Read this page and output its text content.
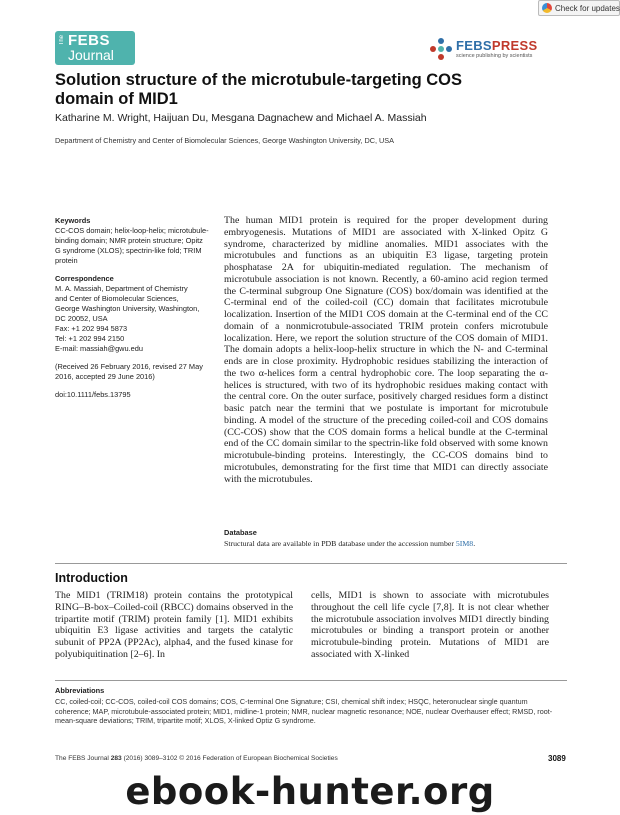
Check for updates
The FEBS
Journal
FEBSPRESS
science publishing by scientists
Solution structure of the microtubule-targeting COS domain of MID1
Katharine M. Wright, Haijuan Du, Mesgana Dagnachew and Michael A. Massiah
Department of Chemistry and Center of Biomolecular Sciences, George Washington University, DC, USA

Keywords

CC-COS domain; helix-loop-helix; microtubule-binding domain; NMR protein structure; Opitz G syndrome (XLOS); spectrin-like fold; TRIM protein

Correspondence

M. A. Massiah, Department of Chemistry

and Center of Biomolecular Sciences,

George Washington University, Washington,

DC 20052, USA

Fax: +1 202 994 5873

Tel: +1 202 994 2150

E-mail: massiah@gwu.edu

(Received 26 February 2016, revised 27 May 2016, accepted 29 June 2016)

doi:10.1111/febs.13795

The human MID1 protein is required for the proper development during embryogenesis. Mutations of MID1 are associated with X-linked Opitz G syndrome, characterized by midline anomalies. MID1 associates with the microtubules and functions as an ubiquitin E3 ligase, targeting protein phosphatase 2A for ubiquitin-mediated regulation. The mechanism of microtubule association is not known. Recently, a 60-amino acid region termed the C-terminal subgroup One Signature (COS) box/domain was identified at the C-terminal end of the coiled-coil (CC) domain that facilitates microtubule localization. Insertion of the MID1 COS domain at the C-terminal end of the CC domain of a nonmicrotubule-associated TRIM protein confers microtubule localization. Here, we report the solution structure of the COS domain of MID1. The domain adopts a helix-loop-helix structure in which the N- and C-terminal ends are in close proximity. Hydrophobic residues stabilizing the interaction of the two α-helices form a central hydrophobic core. The loop separating the α-helices is structured, with two of its hydrophobic residues making contact with the central core. On the outer surface, positively charged residues form a distinct basic patch near the termini that we postulate is important for microtubule binding. A model of the structure of the preceding coiled-coil and COS domains (CC-COS) show that the COS domain forms a helical bundle at the C-terminal end of the CC domain similar to the spectrin-like fold observed with some known microtubule-binding proteins. Interestingly, the CC-COS domains bind to microtubules, demonstrating for the first time that MID1 can directly associate with the microtubules.

Database
Structural data are available in PDB database under the accession number 5IM8.
Introduction

The MID1 (TRIM18) protein contains the prototypical RING–B-box–Coiled-coil (RBCC) domains observed in the tripartite motif (TRIM) protein family [1]. MID1 exhibits ubiquitin E3 ligase activities and targets the catalytic subunit of PP2A (PP2Ac), alpha4, and the fused kinase for polyubiquitination [2–6]. In

cells, MID1 is shown to associate with microtubules throughout the cell life cycle [7,8]. It is not clear whether the microtubule association involves MID1 directly binding microtubules or binding a transport protein or another microtubule-binding protein. Mutations of MID1 are associated with X-linked

Abbreviations

CC, coiled-coil; CC-COS, coiled-coil COS domains; COS, C-terminal One Signature; CSI, chemical shift index; HSQC, heteronuclear single quantum coherence; MAP, microtubule-associated protein; MID1, midline-1 protein; NMR, nuclear magnetic resonance; NOE, nuclear Overhauser effect; RMSD, root-mean-square deviations; TRIM, tripartite motif; XLOS, X-linked Optiz G syndrome.

The FEBS Journal 283 (2016) 3089–3102 © 2016 Federation of European Biochemical Societies	3089
ebook-hunter.org
